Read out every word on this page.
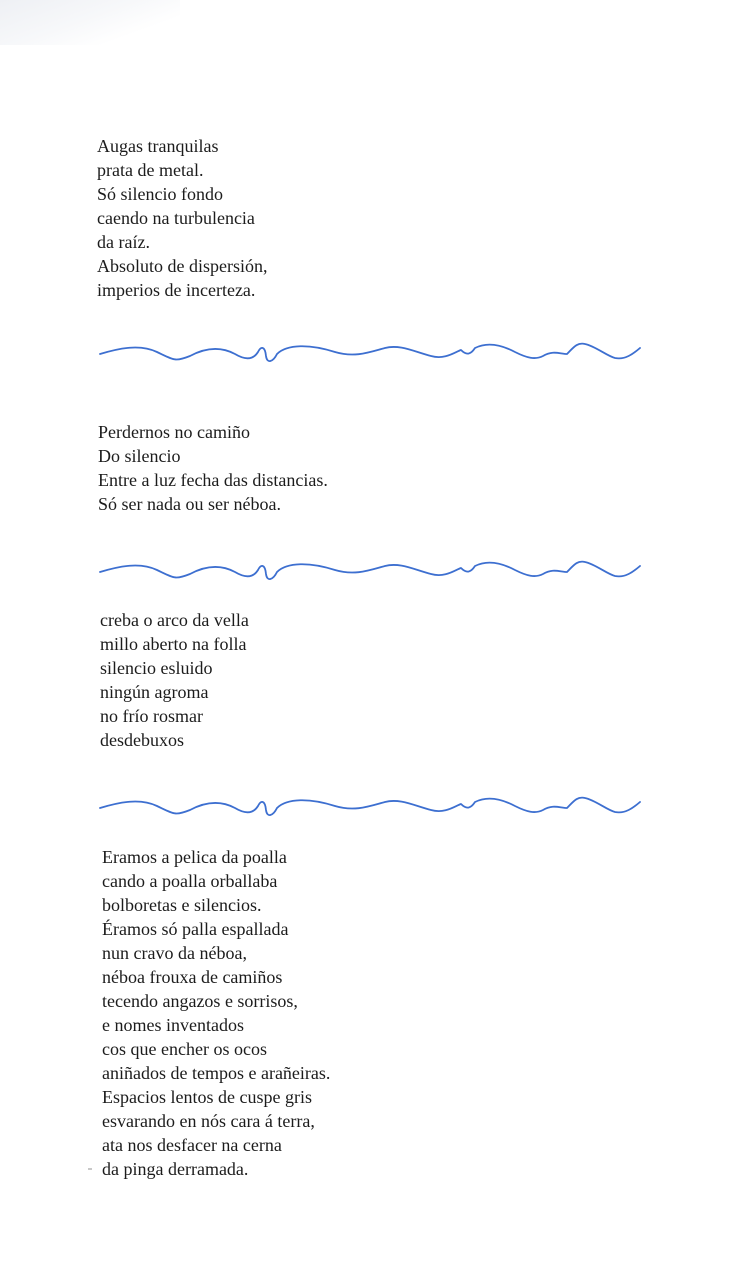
Augas tranquilas
prata de metal.
Só silencio fondo
caendo na turbulencia
da raíz.
Absoluto de dispersión,
imperios de incerteza.
Perdernos no camiño
Do silencio
Entre a luz fecha das distancias.
Só ser nada ou ser néboa.
creba o arco da vella
millo aberto na folla
silencio esluido
ningún agroma
no frío rosmar
desdebuxos
Eramos a pelica da poalla
cando a poalla orballaba
bolboretas e silencios.
Éramos só palla espallada
nun cravo da néboa,
néboa frouxa de camiños
tecendo angazos e sorrisos,
e nomes inventados
cos que encher os ocos
aniñados de tempos e arañeiras.
Espacios lentos de cuspe gris
esvarando en nós cara á terra,
ata nos desfacer na cerna
da pinga derramada.
